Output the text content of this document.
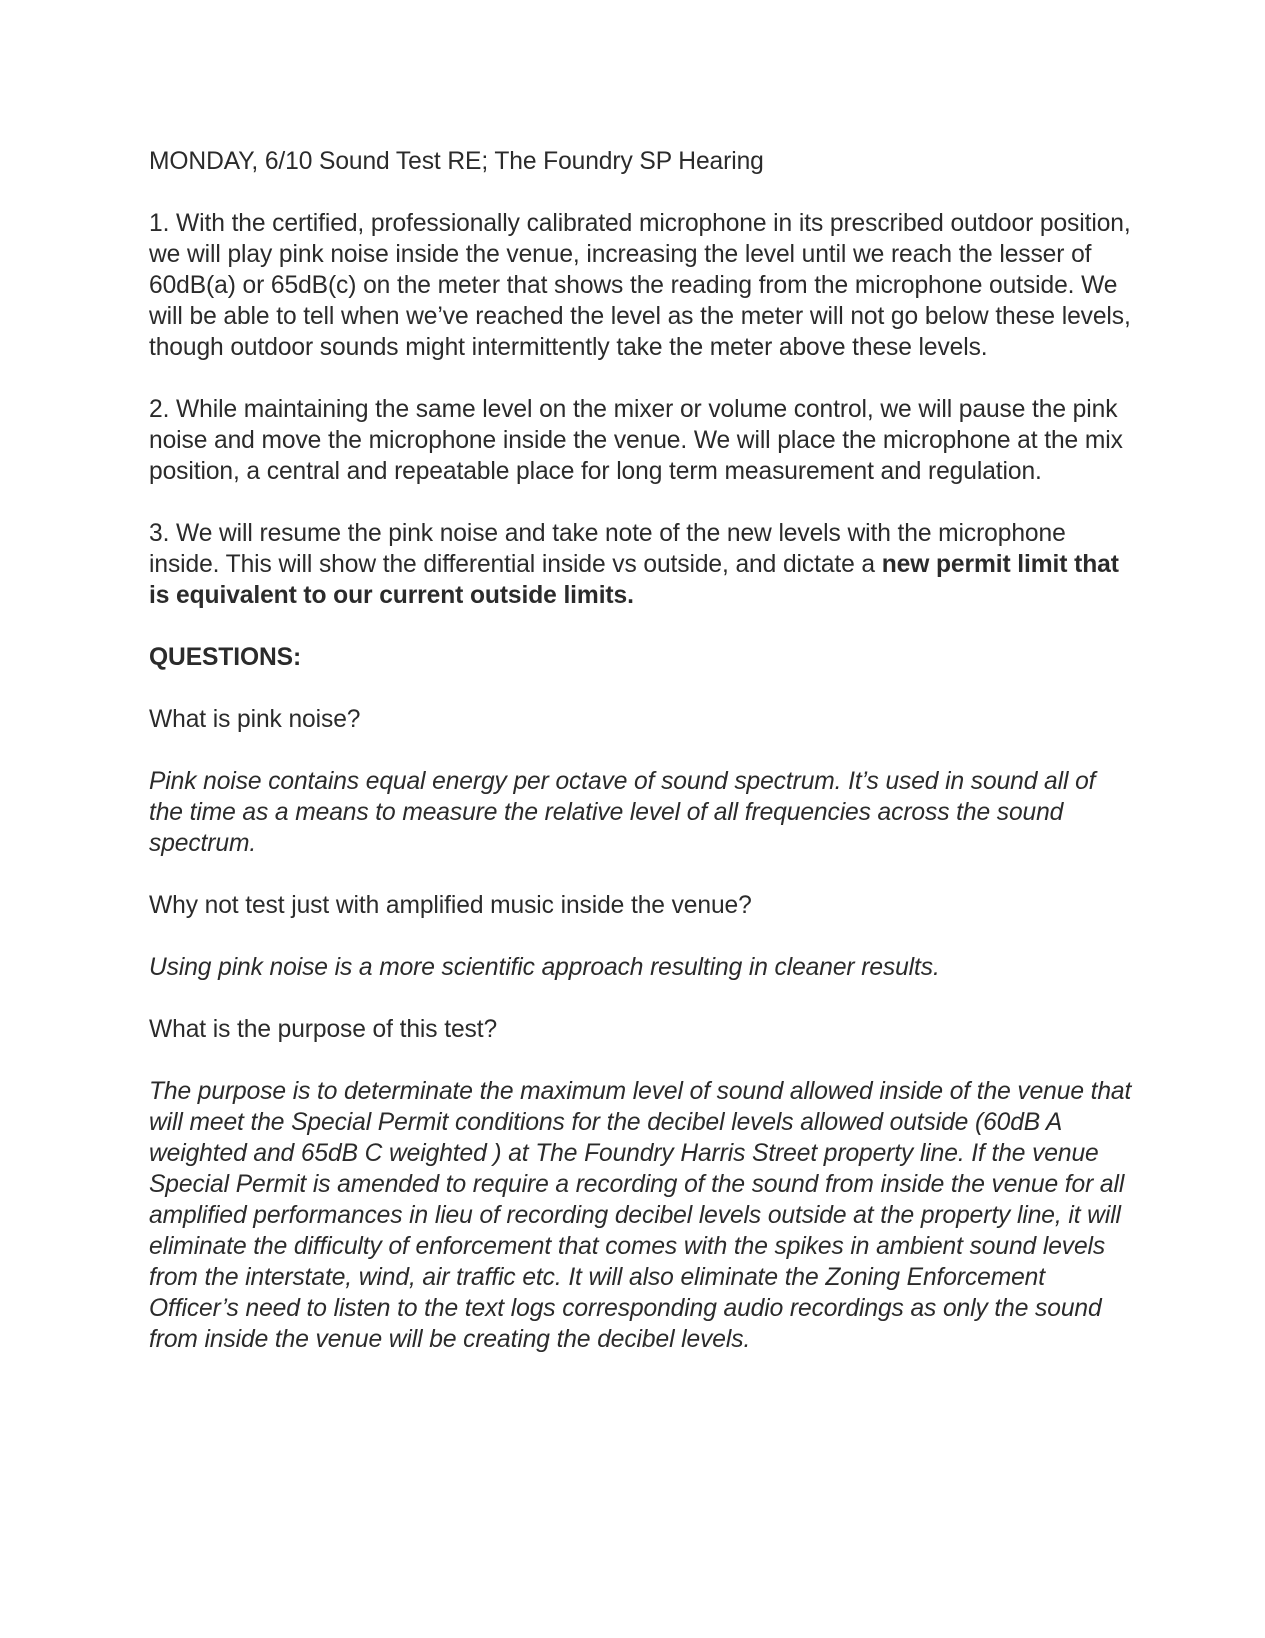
MONDAY, 6/10 Sound Test RE; The Foundry SP Hearing

1. With the certified, professionally calibrated microphone in its prescribed outdoor position, we will play pink noise inside the venue, increasing the level until we reach the lesser of 60dB(a) or 65dB(c) on the meter that shows the reading from the microphone outside. We will be able to tell when we’ve reached the level as the meter will not go below these levels, though outdoor sounds might intermittently take the meter above these levels.

2. While maintaining the same level on the mixer or volume control, we will pause the pink noise and move the microphone inside the venue. We will place the microphone at the mix position, a central and repeatable place for long term measurement and regulation.

3. We will resume the pink noise and take note of the new levels with the microphone inside. This will show the differential inside vs outside, and dictate a new permit limit that is equivalent to our current outside limits.

QUESTIONS:

What is pink noise?

Pink noise contains equal energy per octave of sound spectrum. It’s used in sound all of the time as a means to measure the relative level of all frequencies across the sound spectrum.

Why not test just with amplified music inside the venue?

Using pink noise is a more scientific approach resulting in cleaner results.

What is the purpose of this test?

The purpose is to determinate the maximum level of sound allowed inside of the venue that will meet the Special Permit conditions for the decibel levels allowed outside (60dB A weighted and 65dB C weighted ) at The Foundry Harris Street property line. If the venue Special Permit is amended to require a recording of the sound from inside the venue for all amplified performances in lieu of recording decibel levels outside at the property line, it will eliminate the difficulty of enforcement that comes with the spikes in ambient sound levels from the interstate, wind, air traffic etc. It will also eliminate the Zoning Enforcement Officer’s need to listen to the text logs corresponding audio recordings as only the sound from inside the venue will be creating the decibel levels.
